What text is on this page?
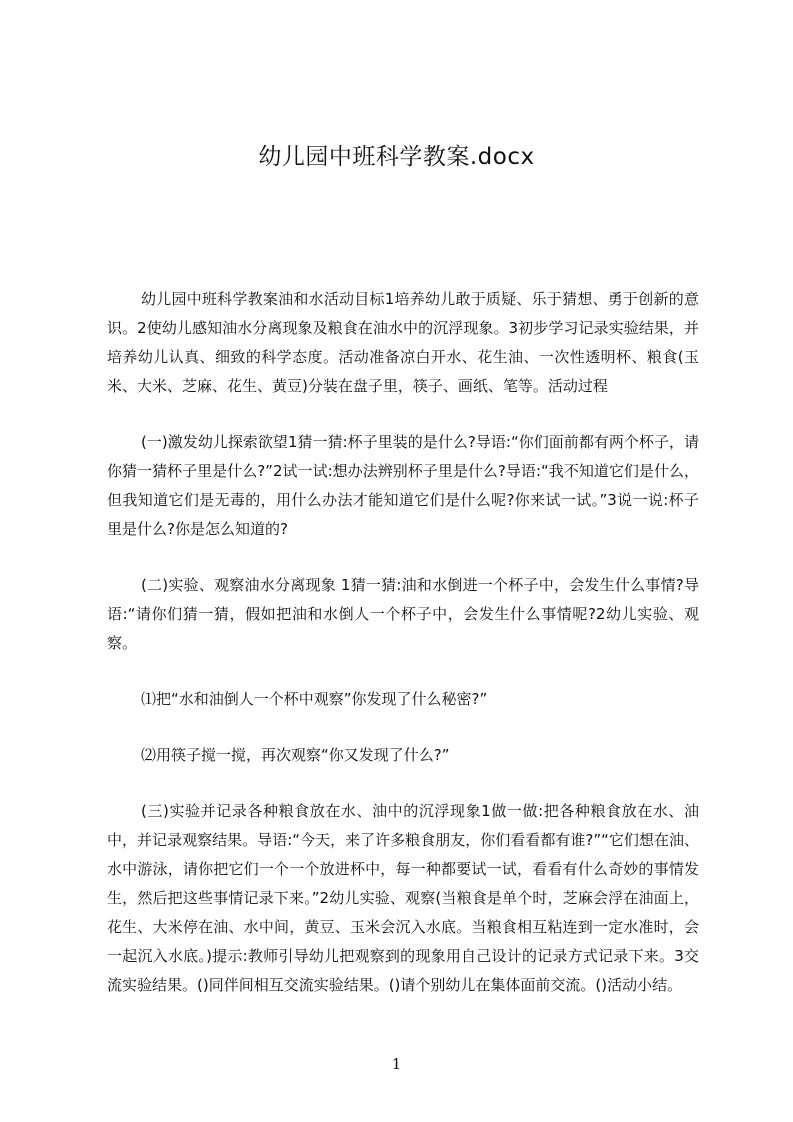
幼儿园中班科学教案.docx

幼儿园中班科学教案油和水活动目标1培养幼儿敢于质疑、乐于猜想、勇于创新的意识。2使幼儿感知油水分离现象及粮食在油水中的沉浮现象。3初步学习记录实验结果，并培养幼儿认真、细致的科学态度。活动准备凉白开水、花生油、一次性透明杯、粮食(玉米、大米、芝麻、花生、黄豆)分装在盘子里，筷子、画纸、笔等。活动过程

(一)激发幼儿探索欲望1猜一猜:杯子里装的是什么?导语:“你们面前都有两个杯子，请你猜一猜杯子里是什么?”2试一试:想办法辨别杯子里是什么?导语:“我不知道它们是什么，但我知道它们是无毒的，用什么办法才能知道它们是什么呢?你来试一试。”3说一说:杯子里是什么?你是怎么知道的?

(二)实验、观察油水分离现象 1猜一猜:油和水倒进一个杯子中，会发生什么事情?导语:“请你们猜一猜，假如把油和水倒人一个杯子中，会发生什么事情呢?2幼儿实验、观察。

⑴把“水和油倒人一个杯中观察”你发现了什么秘密?”

⑵用筷子搅一搅，再次观察“你又发现了什么?”

(三)实验并记录各种粮食放在水、油中的沉浮现象1做一做:把各种粮食放在水、油中，并记录观察结果。导语:“今天，来了许多粮食朋友，你们看看都有谁?”“它们想在油、水中游泳，请你把它们一个一个放进杯中，每一种都要试一试，看看有什么奇妙的事情发生，然后把这些事情记录下来。”2幼儿实验、观察(当粮食是单个时，芝麻会浮在油面上，花生、大米停在油、水中间，黄豆、玉米会沉入水底。当粮食相互粘连到一定水准时，会一起沉入水底。)提示:教师引导幼儿把观察到的现象用自己设计的记录方式记录下来。3交流实验结果。()同伴间相互交流实验结果。()请个别幼儿在集体面前交流。()活动小结。

1
